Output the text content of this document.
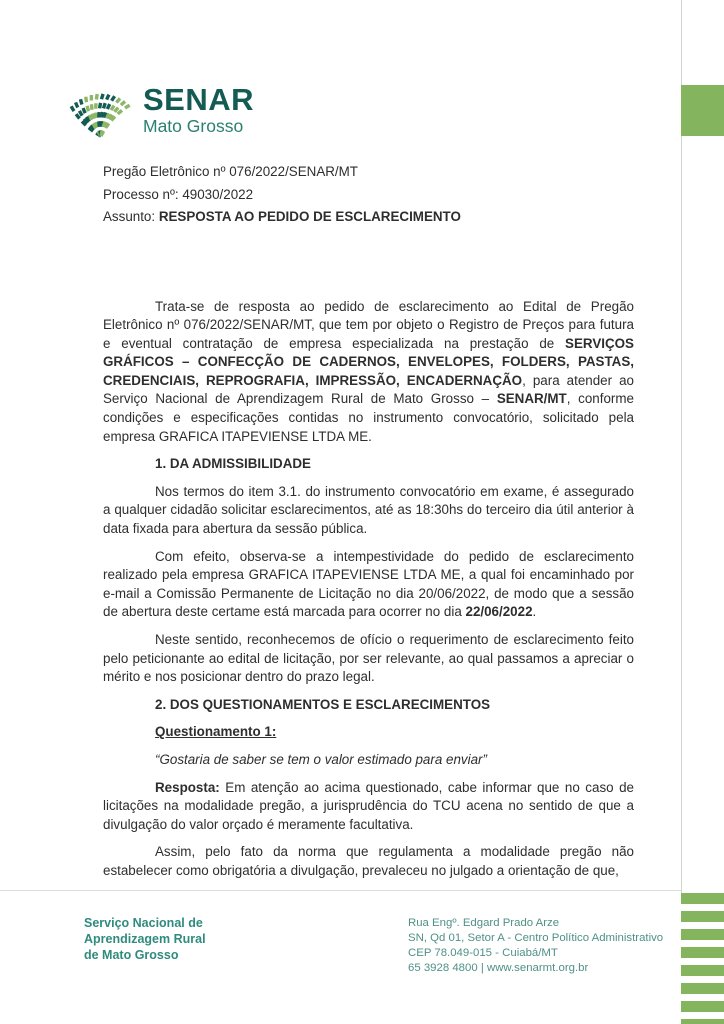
SENAR
Mato Grosso
Pregão Eletrônico nº 076/2022/SENAR/MT
Processo nº: 49030/2022
Assunto: RESPOSTA AO PEDIDO DE ESCLARECIMENTO

Trata-se de resposta ao pedido de esclarecimento ao Edital de Pregão Eletrônico nº 076/2022/SENAR/MT, que tem por objeto o Registro de Preços para futura e eventual contratação de empresa especializada na prestação de SERVIÇOS GRÁFICOS – CONFECÇÃO DE CADERNOS, ENVELOPES, FOLDERS, PASTAS, CREDENCIAIS, REPROGRAFIA, IMPRESSÃO, ENCADERNAÇÃO, para atender ao Serviço Nacional de Aprendizagem Rural de Mato Grosso – SENAR/MT, conforme condições e especificações contidas no instrumento convocatório, solicitado pela empresa GRAFICA ITAPEVIENSE LTDA ME.

1. DA ADMISSIBILIDADE

Nos termos do item 3.1. do instrumento convocatório em exame, é assegurado a qualquer cidadão solicitar esclarecimentos, até as 18:30hs do terceiro dia útil anterior à data fixada para abertura da sessão pública.

Com efeito, observa-se a intempestividade do pedido de esclarecimento realizado pela empresa GRAFICA ITAPEVIENSE LTDA ME, a qual foi encaminhado por e-mail a Comissão Permanente de Licitação no dia 20/06/2022, de modo que a sessão de abertura deste certame está marcada para ocorrer no dia 22/06/2022.

Neste sentido, reconhecemos de ofício o requerimento de esclarecimento feito pelo peticionante ao edital de licitação, por ser relevante, ao qual passamos a apreciar o mérito e nos posicionar dentro do prazo legal.

2. DOS QUESTIONAMENTOS E ESCLARECIMENTOS

Questionamento 1:

“Gostaria de saber se tem o valor estimado para enviar”

Resposta: Em atenção ao acima questionado, cabe informar que no caso de licitações na modalidade pregão, a jurisprudência do TCU acena no sentido de que a divulgação do valor orçado é meramente facultativa.

Assim, pelo fato da norma que regulamenta a modalidade pregão não estabelecer como obrigatória a divulgação, prevaleceu no julgado a orientação de que,

Serviço Nacional de
Aprendizagem Rural
de Mato Grosso
Rua Engº. Edgard Prado Arze
SN, Qd 01, Setor A - Centro Político Administrativo
CEP 78.049-015 - Cuiabá/MT
65 3928 4800 | www.senarmt.org.br
